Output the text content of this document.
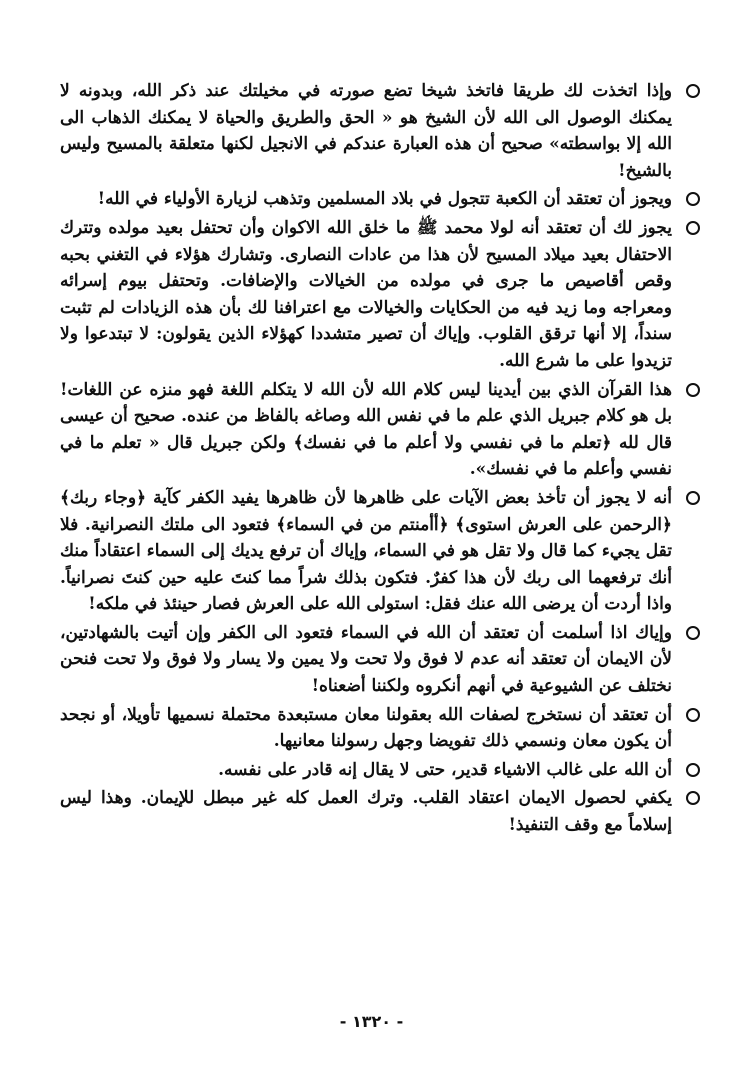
وإذا اتخذت لك طريقا فاتخذ شيخا تضع صورته في مخيلتك عند ذكر الله، وبدونه لا يمكنك الوصول الى الله لأن الشيخ هو « الحق والطريق والحياة لا يمكنك الذهاب الى الله إلا بواسطته» صحيح أن هذه العبارة عندكم في الانجيل لكنها متعلقة بالمسيح وليس بالشيخ!

ويجوز أن تعتقد أن الكعبة تتجول في بلاد المسلمين وتذهب لزيارة الأولياء في الله!

يجوز لك أن تعتقد أنه لولا محمد ﷺ ما خلق الله الاكوان وأن تحتفل بعيد مولده وتترك الاحتفال بعيد ميلاد المسيح لأن هذا من عادات النصارى. وتشارك هؤلاء في التغني بحبه وقص أقاصيص ما جرى في مولده من الخيالات والإضافات. وتحتفل بيوم إسرائه ومعراجه وما زيد فيه من الحكايات والخيالات مع اعترافنا لك بأن هذه الزيادات لم تثبت سنداً، إلا أنها ترقق القلوب. وإياك أن تصير متشددا كهؤلاء الذين يقولون: لا تبتدعوا ولا تزيدوا على ما شرع الله.

هذا القرآن الذي بين أيدينا ليس كلام الله لأن الله لا يتكلم اللغة فهو منزه عن اللغات! بل هو كلام جبريل الذي علم ما في نفس الله وصاغه بالفاظ من عنده. صحيح أن عيسى قال لله ﴿تعلم ما في نفسي ولا أعلم ما في نفسك﴾ ولكن جبريل قال « تعلم ما في نفسي وأعلم ما في نفسك».

أنه لا يجوز أن تأخذ بعض الآيات على ظاهرها لأن ظاهرها يفيد الكفر كآية ﴿وجاء ربك﴾ ﴿الرحمن على العرش استوى﴾ ﴿أأمنتم من في السماء﴾ فتعود الى ملتك النصرانية. فلا تقل يجيء كما قال ولا تقل هو في السماء، وإياك أن ترفع يديك إلى السماء اعتقاداً منك أنك ترفعهما الى ربك لأن هذا كفرٌ. فتكون بذلك شراً مما كنتَ عليه حين كنتَ نصرانياً. واذا أردت أن يرضى الله عنك فقل: استولى الله على العرش فصار حينئذ في ملكه!

وإياك اذا أسلمت أن تعتقد أن الله في السماء فتعود الى الكفر وإن أتيت بالشهادتين، لأن الايمان أن تعتقد أنه عدم لا فوق ولا تحت ولا يمين ولا يسار ولا فوق ولا تحت فنحن نختلف عن الشيوعية في أنهم أنكروه ولكننا أضعناه!

أن تعتقد أن نستخرج لصفات الله بعقولنا معان مستبعدة محتملة نسميها تأويلا، أو نجحد أن يكون معان ونسمي ذلك تفويضا وجهل رسولنا معانيها.

أن الله على غالب الاشياء قدير، حتى لا يقال إنه قادر على نفسه.

يكفي لحصول الايمان اعتقاد القلب. وترك العمل كله غير مبطل للإيمان. وهذا ليس إسلاماً مع وقف التنفيذ!

- ١٣٢٠ -
